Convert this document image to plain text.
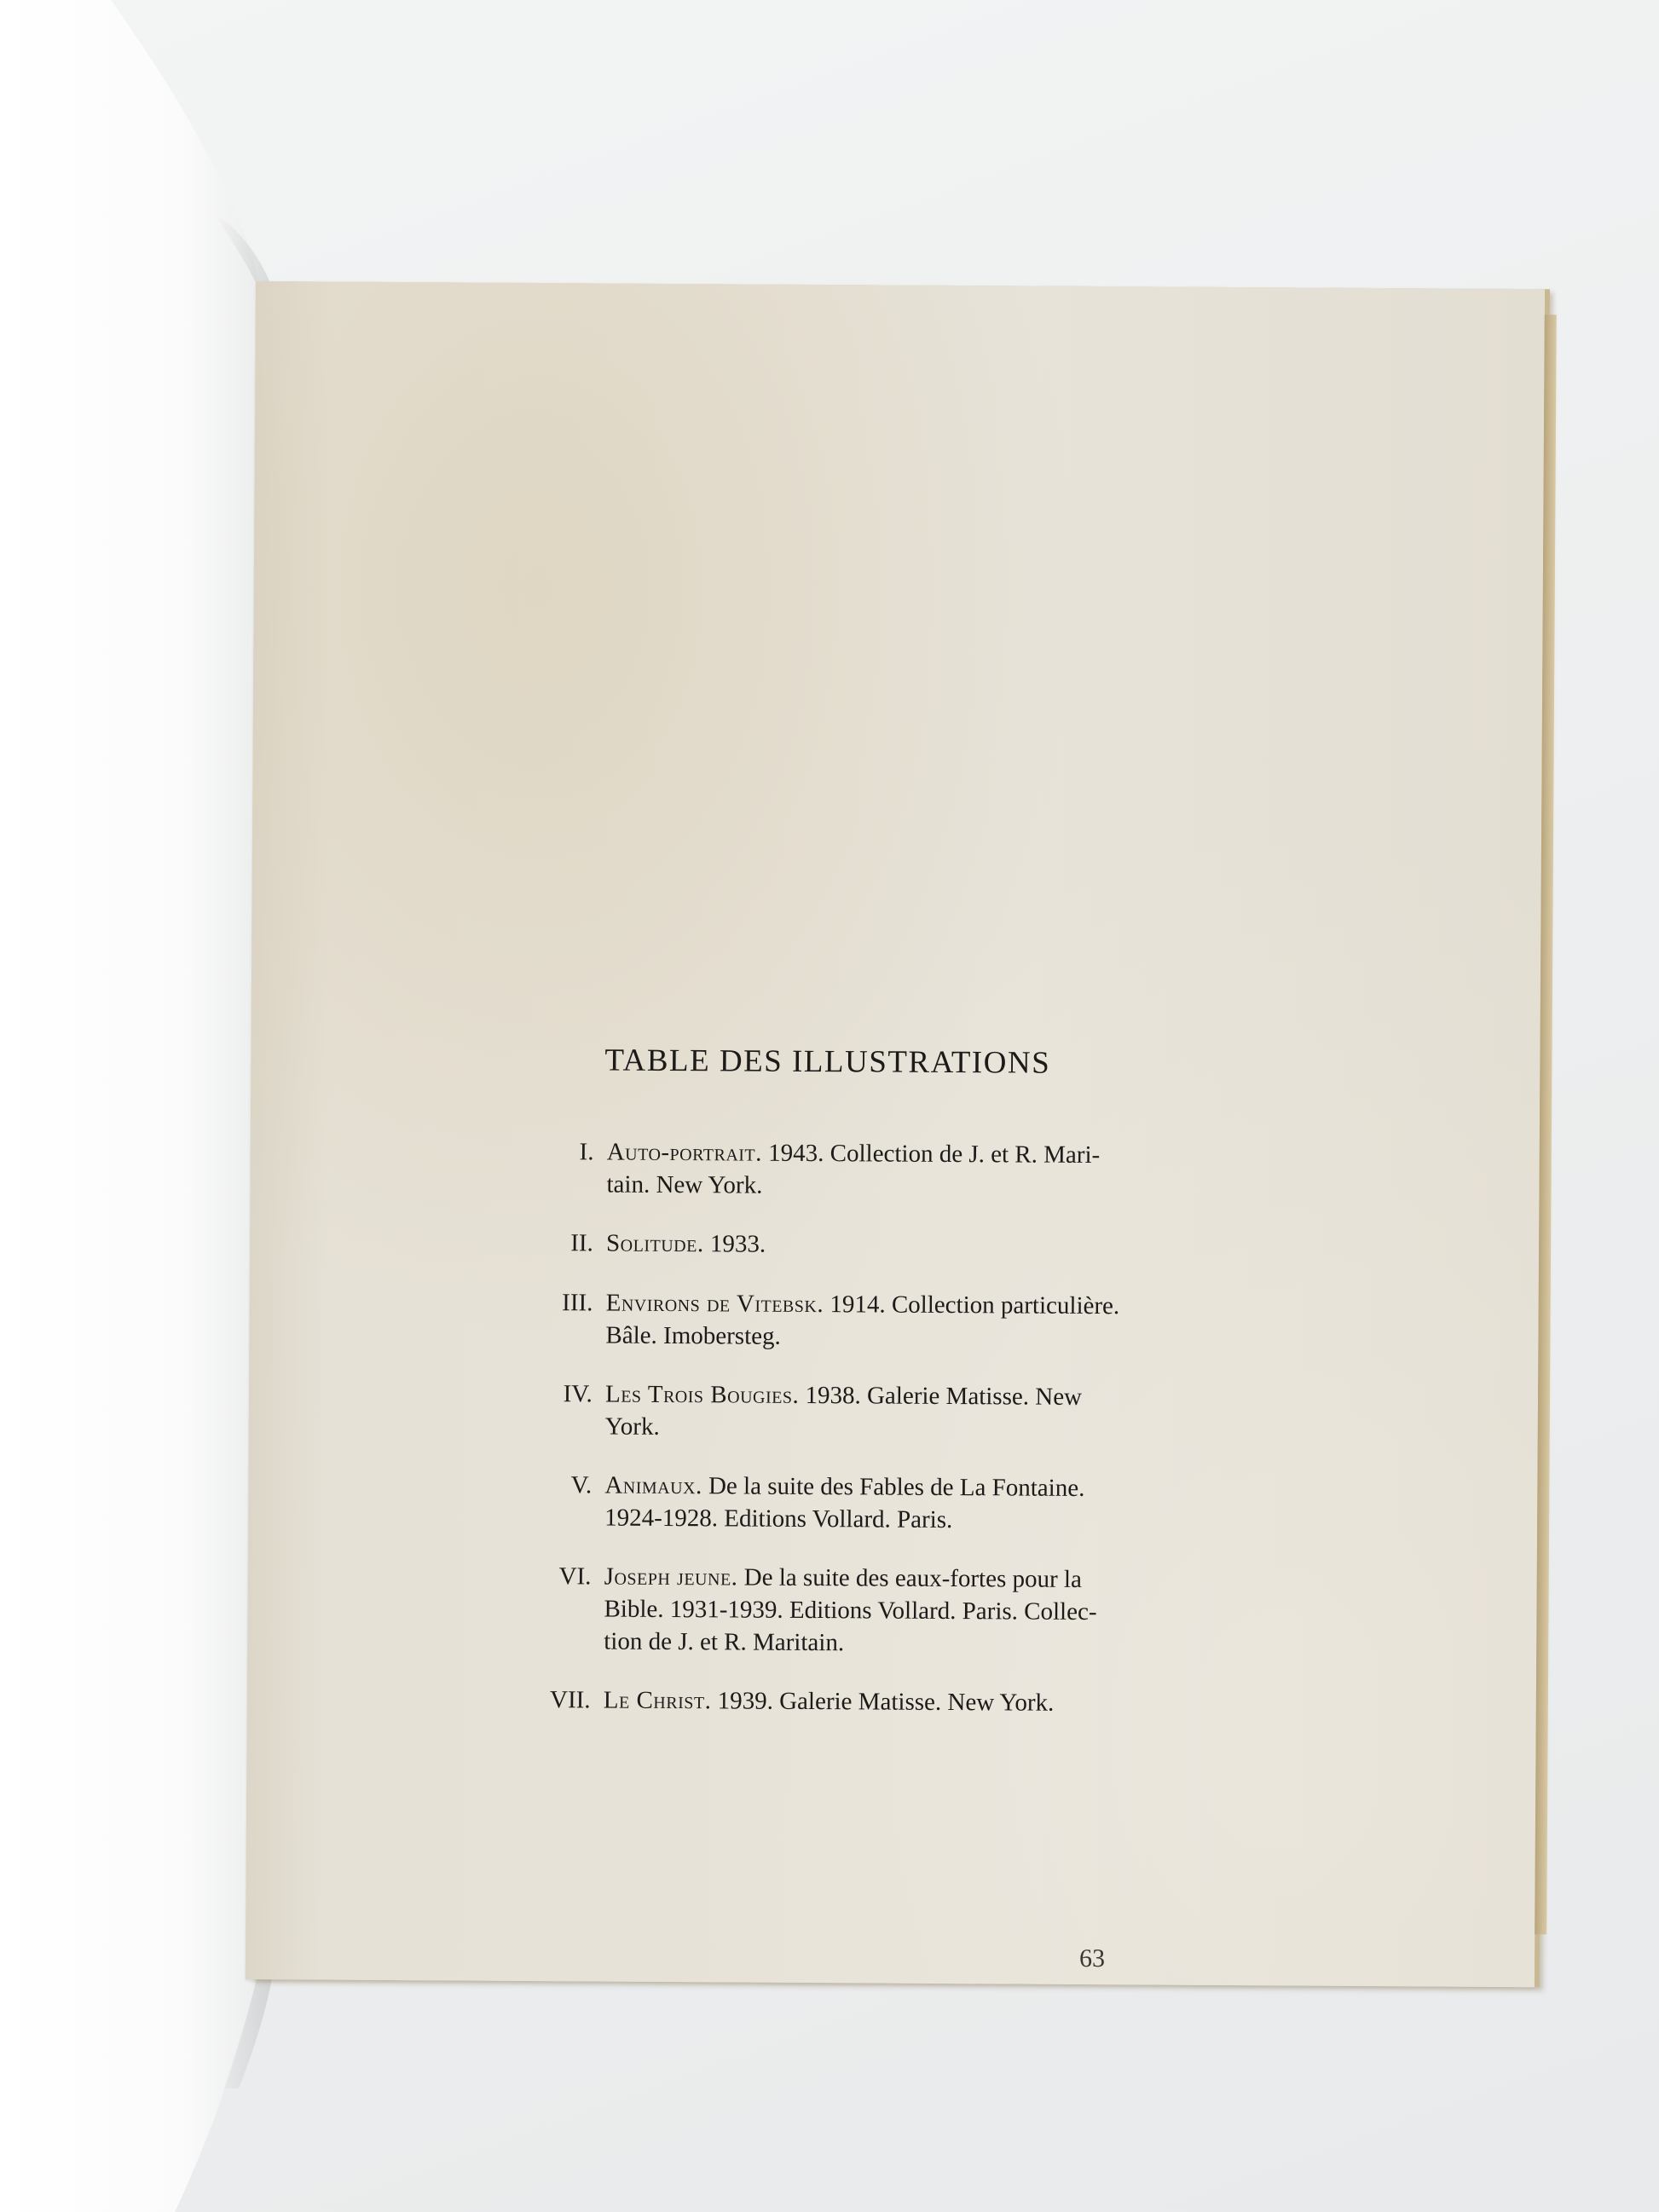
TABLE DES ILLUSTRATIONS
I. Auto-portrait. 1943. Collection de J. et R. Mari-
tain. New York.
II. Solitude. 1933.
III. Environs de Vitebsk. 1914. Collection particulière.
Bâle. Imobersteg.
IV. Les Trois Bougies. 1938. Galerie Matisse. New
York.
V. Animaux. De la suite des Fables de La Fontaine.
1924-1928. Editions Vollard. Paris.
VI. Joseph jeune. De la suite des eaux-fortes pour la
Bible. 1931-1939. Editions Vollard. Paris. Collec-
tion de J. et R. Maritain.
VII. Le Christ. 1939. Galerie Matisse. New York.
63
